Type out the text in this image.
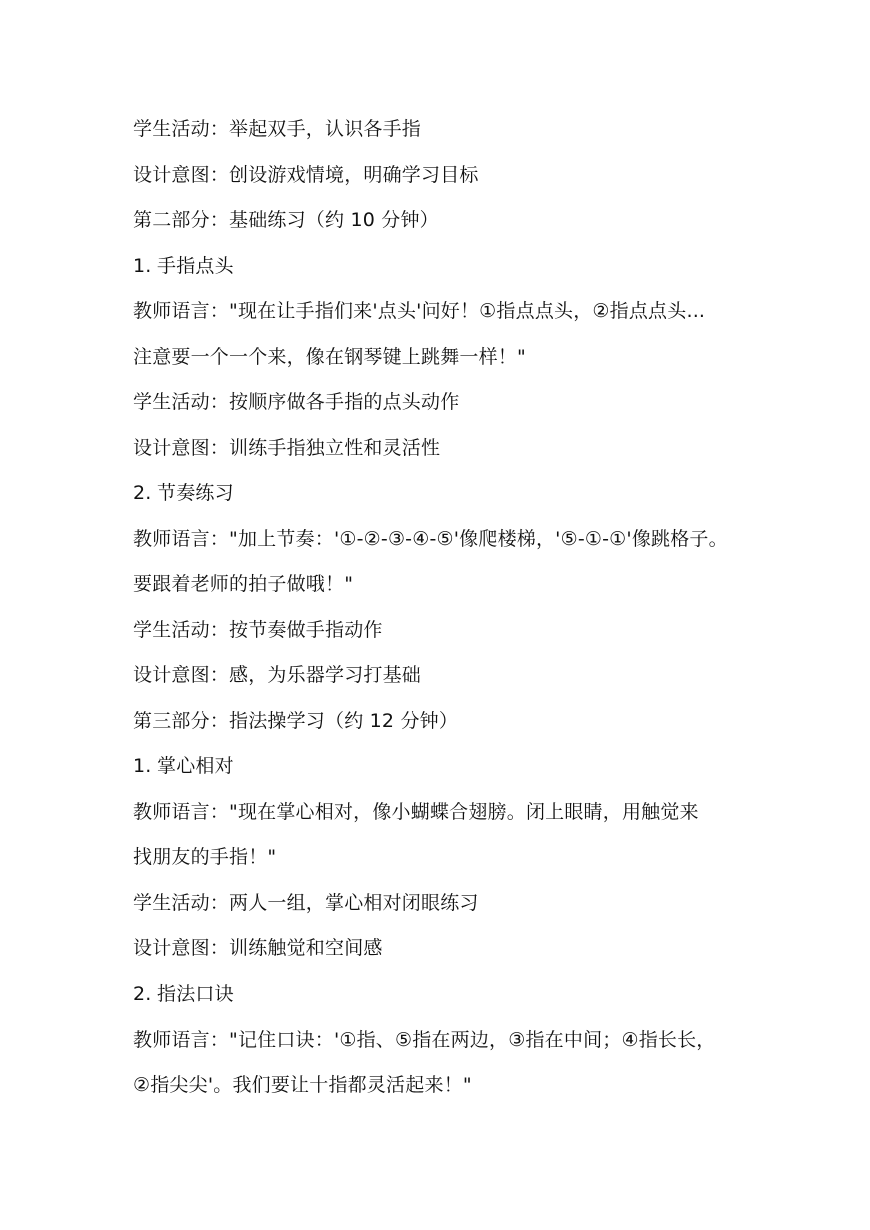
学生活动：举起双手，认识各手指
设计意图：创设游戏情境，明确学习目标
第二部分：基础练习（约 10 分钟）
1. 手指点头
教师语言："现在让手指们来'点头'问好！①指点点头，②指点点头...
注意要一个一个来，像在钢琴键上跳舞一样！"
学生活动：按顺序做各手指的点头动作
设计意图：训练手指独立性和灵活性
2. 节奏练习
教师语言："加上节奏：'①-②-③-④-⑤'像爬楼梯，'⑤-①-①'像跳格子。
要跟着老师的拍子做哦！"
学生活动：按节奏做手指动作
设计意图：感，为乐器学习打基础
第三部分：指法操学习（约 12 分钟）
1. 掌心相对
教师语言："现在掌心相对，像小蝴蝶合翅膀。闭上眼睛，用触觉来
找朋友的手指！"
学生活动：两人一组，掌心相对闭眼练习
设计意图：训练触觉和空间感
2. 指法口诀
教师语言："记住口诀：'①指、⑤指在两边，③指在中间；④指长长，
②指尖尖'。我们要让十指都灵活起来！"
